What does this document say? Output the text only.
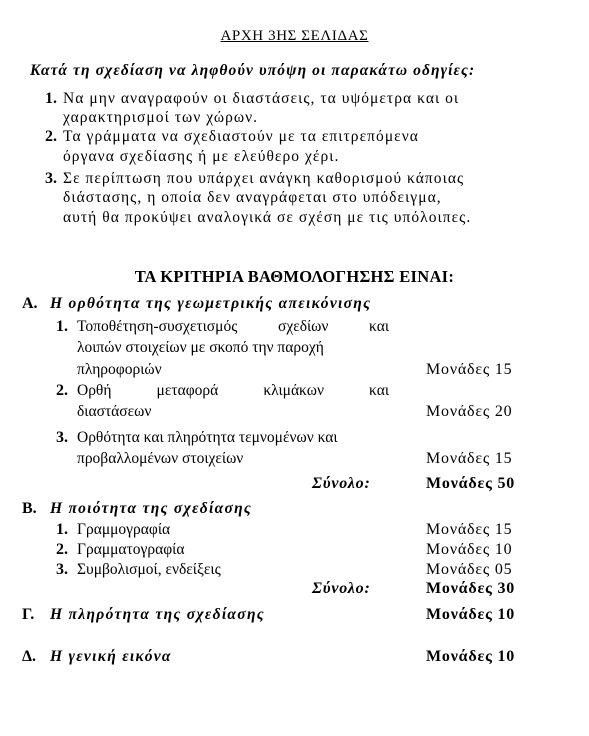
ΑΡΧΗ 3ΗΣ ΣΕΛΙΔΑΣ
Κατά τη σχεδίαση να ληφθούν υπόψη οι παρακάτω οδηγίες:
1. Να μην αναγραφούν οι διαστάσεις, τα υψόμετρα και οι
χαρακτηρισμοί των χώρων.
2. Τα γράμματα να σχεδιαστούν με τα επιτρεπόμενα
όργανα σχεδίασης ή με ελεύθερο χέρι.
3. Σε περίπτωση που υπάρχει ανάγκη καθορισμού κάποιας
διάστασης, η οποία δεν αναγράφεται στο υπόδειγμα,
αυτή θα προκύψει αναλογικά σε σχέση με τις υπόλοιπες.
ΤΑ ΚΡΙΤΗΡΙΑ ΒΑΘΜΟΛΟΓΗΣΗΣ ΕΙΝΑΙ:
Α. Η ορθότητα της γεωμετρικής απεικόνισης
1. Τοποθέτηση-συσχετισμός σχεδίων και
λοιπών στοιχείων με σκοπό την παροχή
πληροφοριών	Μονάδες 15
2. Ορθή μεταφορά κλιμάκων και
διαστάσεων	Μονάδες 20
3. Ορθότητα και πληρότητα τεμνομένων και
προβαλλομένων στοιχείων	Μονάδες 15
Σύνολο:	Μονάδες 50
Β. Η ποιότητα της σχεδίασης
1. Γραμμογραφία	Μονάδες 15
2. Γραμματογραφία	Μονάδες 10
3. Συμβολισμοί, ενδείξεις	Μονάδες 05
Σύνολο:	Μονάδες 30
Γ. Η πληρότητα της σχεδίασης	Μονάδες 10
Δ. Η γενική εικόνα	Μονάδες 10
